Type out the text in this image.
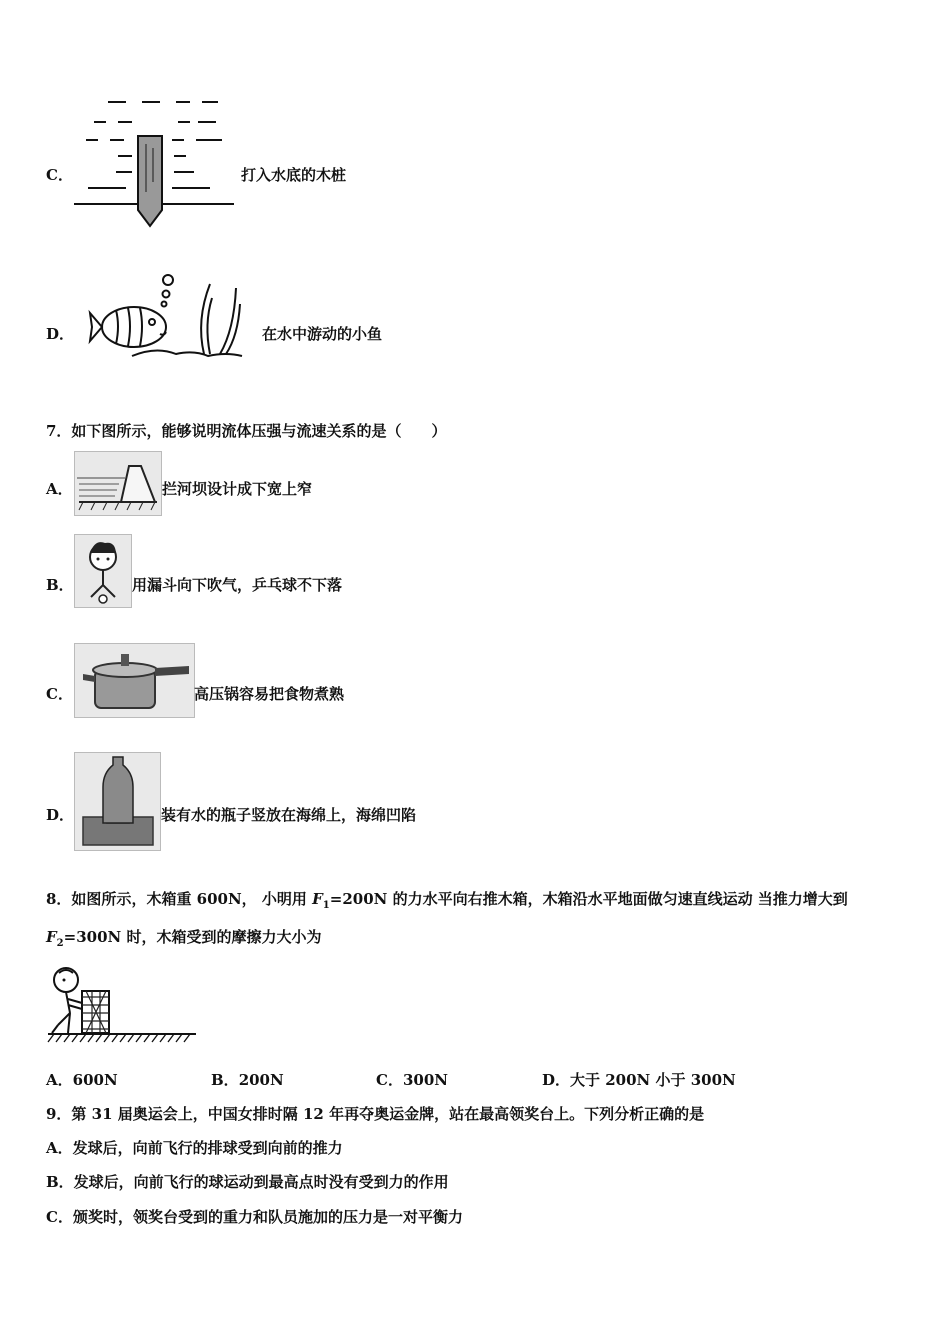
C．	打入水底的木桩
D．	在水中游动的小鱼
7．如下图所示，能够说明流体压强与流速关系的是（　　）
A．	拦河坝设计成下宽上窄
B．	用漏斗向下吹气，乒乓球不下落
C．	高压锅容易把食物煮熟
D．	装有水的瓶子竖放在海绵上，海绵凹陷
8．如图所示，木箱重 600N， 小明用 $F_1=200N$ 的力水平向右推木箱，木箱沿水平地面做匀速直线运动 当推力增大到
$F_2=300N$ 时，木箱受到的摩擦力大小为
A．600N	B．200N	C．300N	D．大于 200N 小于 300N
9．第 31 届奥运会上，中国女排时隔 12 年再夺奥运金牌，站在最高领奖台上。下列分析正确的是
A．发球后，向前飞行的排球受到向前的推力
B．发球后，向前飞行的球运动到最高点时没有受到力的作用
C．颁奖时，领奖台受到的重力和队员施加的压力是一对平衡力
